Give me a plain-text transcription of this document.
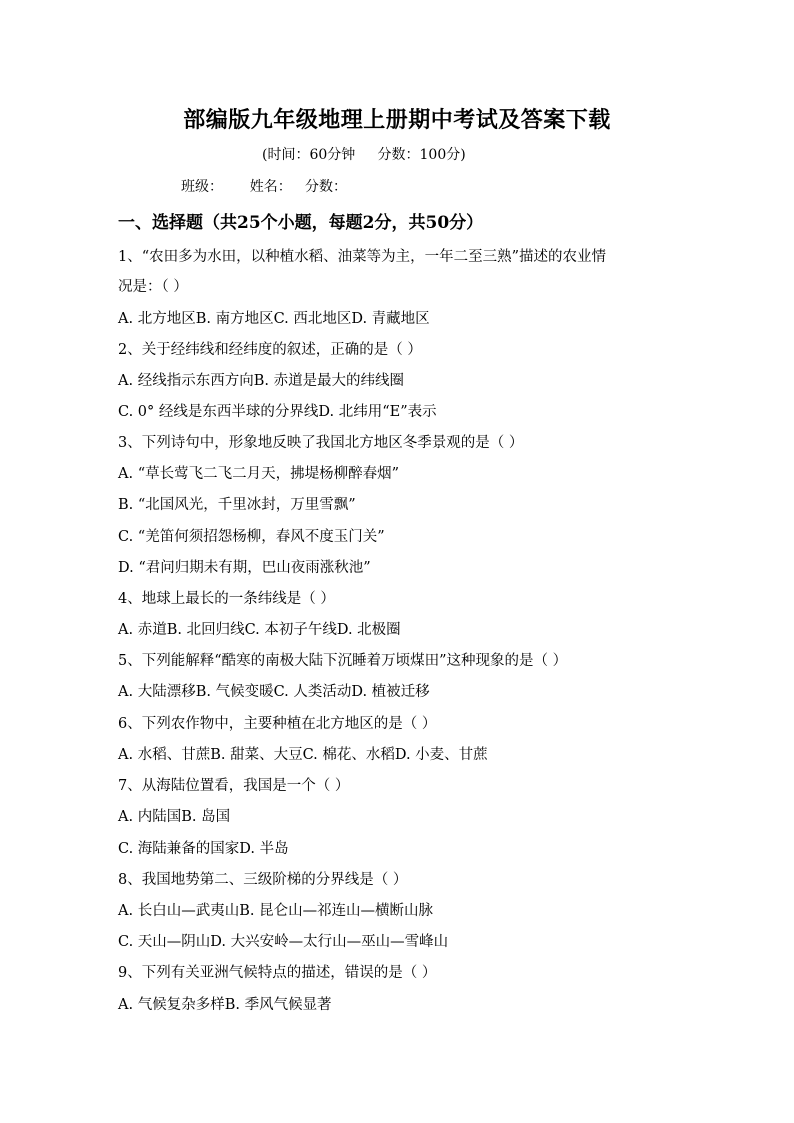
部编版九年级地理上册期中考试及答案下载
(时间：60分钟     分数：100分)
班级：      姓名：   分数：
一、选择题（共25个小题，每题2分，共50分）
1、“农田多为水田，以种植水稻、油菜等为主，一年二至三熟”描述的农业情
况是：（ ）
A. 北方地区B. 南方地区C. 西北地区D. 青藏地区
2、关于经纬线和经纬度的叙述，正确的是（ ）
A. 经线指示东西方向B. 赤道是最大的纬线圈
C. 0° 经线是东西半球的分界线D. 北纬用“E”表示
3、下列诗句中，形象地反映了我国北方地区冬季景观的是（ ）
A. “草长莺飞二飞二月天，拂堤杨柳醉春烟”
B. “北国风光，千里冰封，万里雪飘”
C. “羌笛何须招怨杨柳，春风不度玉门关”
D. “君问归期未有期，巴山夜雨涨秋池”
4、地球上最长的一条纬线是（ ）
A. 赤道B. 北回归线C. 本初子午线D. 北极圈
5、下列能解释“酷寒的南极大陆下沉睡着万顷煤田”这种现象的是（ ）
A. 大陆漂移B. 气候变暖C. 人类活动D. 植被迁移
6、下列农作物中，主要种植在北方地区的是（ ）
A. 水稻、甘蔗B. 甜菜、大豆C. 棉花、水稻D. 小麦、甘蔗
7、从海陆位置看，我国是一个（ ）
A. 内陆国B. 岛国
C. 海陆兼备的国家D. 半岛
8、我国地势第二、三级阶梯的分界线是（ ）
A. 长白山—武夷山B. 昆仑山—祁连山—横断山脉
C. 天山—阴山D. 大兴安岭—太行山—巫山—雪峰山
9、下列有关亚洲气候特点的描述，错误的是（ ）
A. 气候复杂多样B. 季风气候显著
